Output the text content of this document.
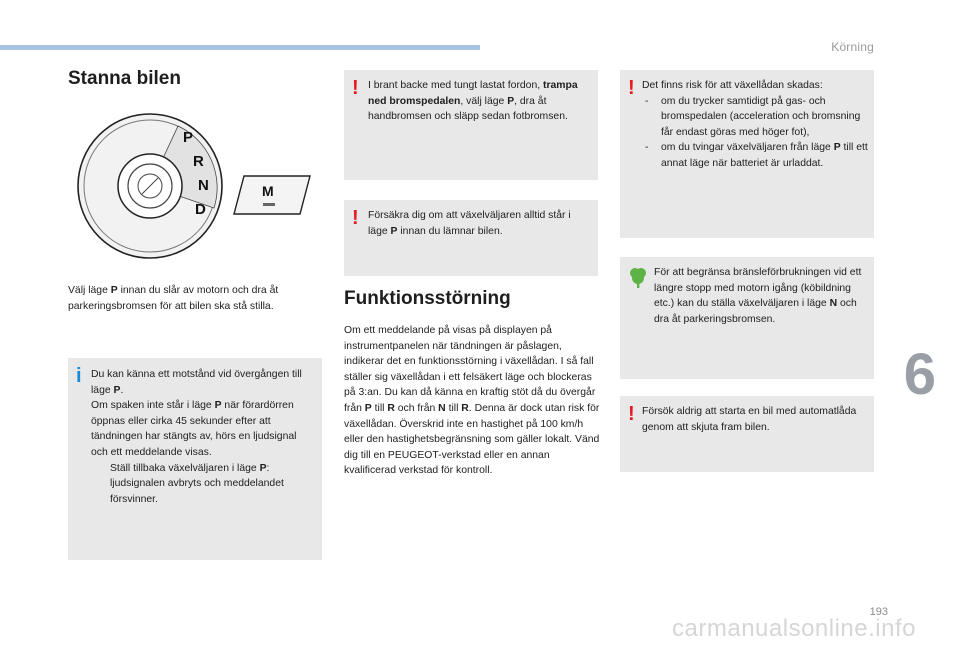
Körning
Stanna bilen
P
R
N
D
M

Välj läge P innan du slår av motorn och dra åt parkeringsbromsen för att bilen ska stå stilla.

i Du kan känna ett motstånd vid övergången till läge P.
Om spaken inte står i läge P när förardörren öppnas eller cirka 45 sekunder efter att tändningen har stängts av, hörs en ljudsignal och ett meddelande visas.
Ställ tillbaka växelväljaren i läge P: ljudsignalen avbryts och meddelandet försvinner.

! I brant backe med tungt lastat fordon, trampa ned bromspedalen, välj läge P, dra åt handbromsen och släpp sedan fotbromsen.

! Försäkra dig om att växelväljaren alltid står i läge P innan du lämnar bilen.

Funktionsstörning

Om ett meddelande på visas på displayen på instrumentpanelen när tändningen är påslagen, indikerar det en funktionsstörning i växellådan. I så fall ställer sig växellådan i ett felsäkert läge och blockeras på 3:an. Du kan då känna en kraftig stöt då du övergår från P till R och från N till R. Denna är dock utan risk för växellådan. Överskrid inte en hastighet på 100 km/h eller den hastighetsbegränsning som gäller lokalt. Vänd dig till en PEUGEOT-verkstad eller en annan kvalificerad verkstad för kontroll.

! Det finns risk för att växellådan skadas:
- om du trycker samtidigt på gas- och bromspedalen (acceleration och bromsning får endast göras med höger fot),
- om du tvingar växelväljaren från läge P till ett annat läge när batteriet är urladdat.

För att begränsa bränsleförbrukningen vid ett längre stopp med motorn igång (köbildning etc.) kan du ställa växelväljaren i läge N och dra åt parkeringsbromsen.

! Försök aldrig att starta en bil med automatlåda genom att skjuta fram bilen.

6
193
carmanualsonline.info
